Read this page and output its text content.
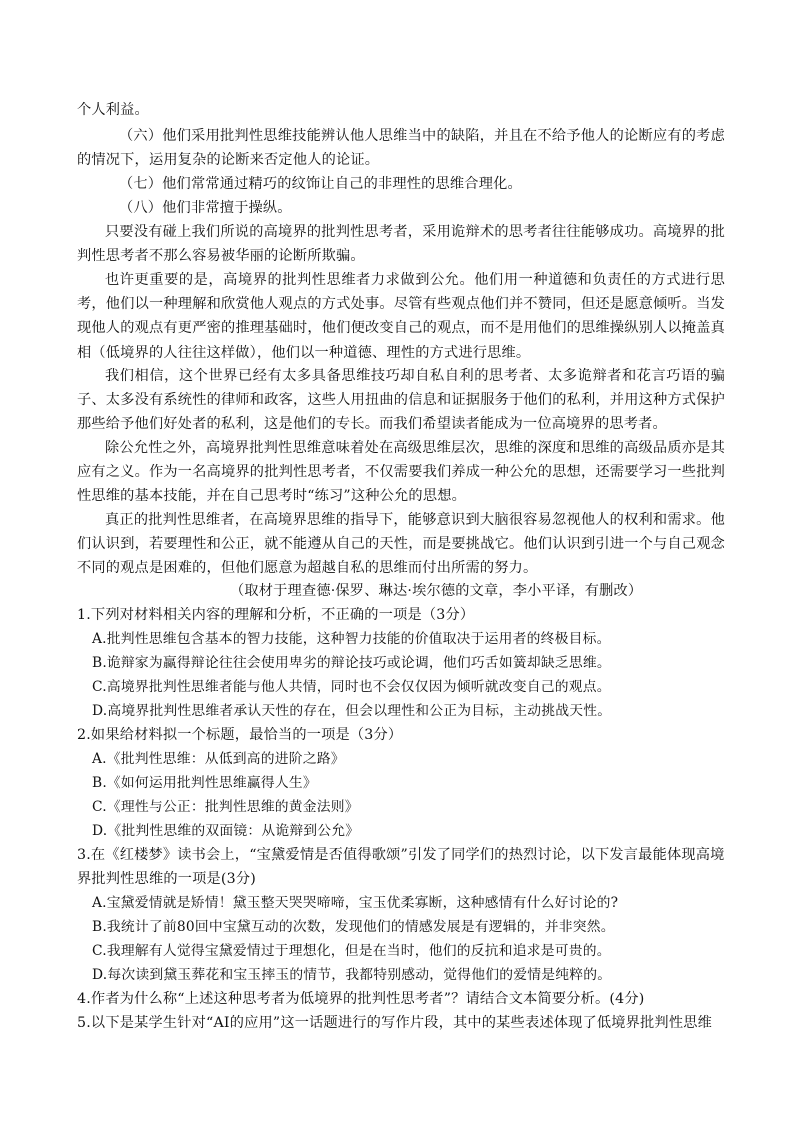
个人利益。

（六）他们采用批判性思维技能辨认他人思维当中的缺陷，并且在不给予他人的论断应有的考虑的情况下，运用复杂的论断来否定他人的论证。

（七）他们常常通过精巧的纹饰让自己的非理性的思维合理化。

（八）他们非常擅于操纵。

只要没有碰上我们所说的高境界的批判性思考者，采用诡辩术的思考者往往能够成功。高境界的批判性思考者不那么容易被华丽的论断所欺骗。

也许更重要的是，高境界的批判性思维者力求做到公允。他们用一种道德和负责任的方式进行思考，他们以一种理解和欣赏他人观点的方式处事。尽管有些观点他们并不赞同，但还是愿意倾听。当发现他人的观点有更严密的推理基础时，他们便改变自己的观点，而不是用他们的思维操纵别人以掩盖真相（低境界的人往往这样做），他们以一种道德、理性的方式进行思维。

我们相信，这个世界已经有太多具备思维技巧却自私自利的思考者、太多诡辩者和花言巧语的骗子、太多没有系统性的律师和政客，这些人用扭曲的信息和证据服务于他们的私利，并用这种方式保护那些给予他们好处者的私利，这是他们的专长。而我们希望读者能成为一位高境界的思考者。

除公允性之外，高境界批判性思维意味着处在高级思维层次，思维的深度和思维的高级品质亦是其应有之义。作为一名高境界的批判性思考者，不仅需要我们养成一种公允的思想，还需要学习一些批判性思维的基本技能，并在自己思考时“练习”这种公允的思想。

真正的批判性思维者，在高境界思维的指导下，能够意识到大脑很容易忽视他人的权利和需求。他们认识到，若要理性和公正，就不能遵从自己的天性，而是要挑战它。他们认识到引进一个与自己观念不同的观点是困难的，但他们愿意为超越自私的思维而付出所需的努力。

（取材于理查德·保罗、琳达·埃尔德的文章，李小平译，有删改）
1.下列对材料相关内容的理解和分析，不正确的一项是（3分）
A.批判性思维包含基本的智力技能，这种智力技能的价值取决于运用者的终极目标。
B.诡辩家为赢得辩论往往会使用卑劣的辩论技巧或论调，他们巧舌如簧却缺乏思维。
C.高境界批判性思维者能与他人共情，同时也不会仅仅因为倾听就改变自己的观点。
D.高境界批判性思维者承认天性的存在，但会以理性和公正为目标，主动挑战天性。
2.如果给材料拟一个标题，最恰当的一项是（3分）
A.《批判性思维：从低到高的进阶之路》
B.《如何运用批判性思维赢得人生》
C.《理性与公正：批判性思维的黄金法则》
D.《批判性思维的双面镜：从诡辩到公允》
3.在《红楼梦》读书会上，“宝黛爱情是否值得歌颂”引发了同学们的热烈讨论，以下发言最能体现高境界批判性思维的一项是(3分)
A.宝黛爱情就是矫情！黛玉整天哭哭啼啼，宝玉优柔寡断，这种感情有什么好讨论的?
B.我统计了前80回中宝黛互动的次数，发现他们的情感发展是有逻辑的，并非突然。
C.我理解有人觉得宝黛爱情过于理想化，但是在当时，他们的反抗和追求是可贵的。
D.每次读到黛玉葬花和宝玉摔玉的情节，我都特别感动，觉得他们的爱情是纯粹的。
4.作者为什么称“上述这种思考者为低境界的批判性思考者”？请结合文本简要分析。(4分)
5.以下是某学生针对“AI的应用”这一话题进行的写作片段，其中的某些表述体现了低境界批判性思维
